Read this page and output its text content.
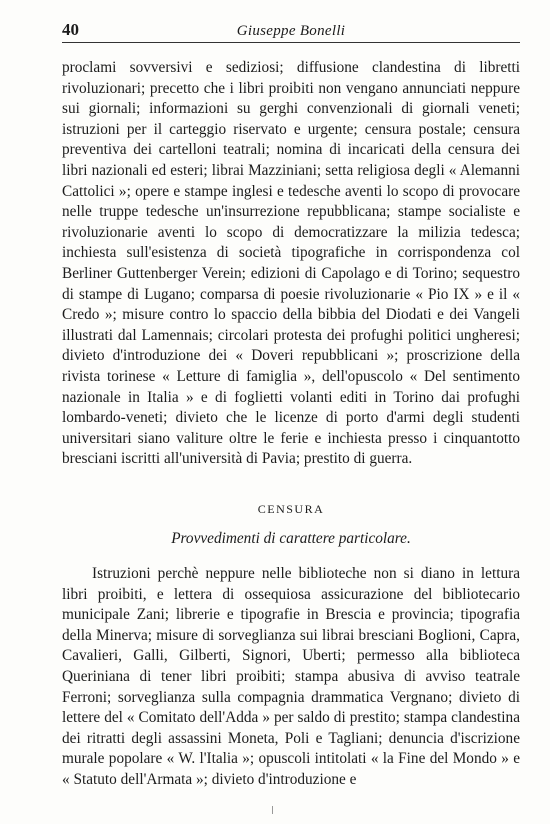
40	Giuseppe Bonelli

proclami sovversivi e sediziosi; diffusione clandestina di libretti rivoluzionari; precetto che i libri proibiti non vengano annunciati neppure sui giornali; informazioni su gerghi convenzionali di giornali veneti; istruzioni per il carteggio riservato e urgente; censura postale; censura preventiva dei cartelloni teatrali; nomina di incaricati della censura dei libri nazionali ed esteri; librai Mazziniani; setta religiosa degli « Alemanni Cattolici »; opere e stampe inglesi e tedesche aventi lo scopo di provocare nelle truppe tedesche un'insurrezione repubblicana; stampe socialiste e rivoluzionarie aventi lo scopo di democratizzare la milizia tedesca; inchiesta sull'esistenza di società tipografiche in corrispondenza col Berliner Guttenberger Verein; edizioni di Capolago e di Torino; sequestro di stampe di Lugano; comparsa di poesie rivoluzionarie « Pio IX » e il « Credo »; misure contro lo spaccio della bibbia del Diodati e dei Vangeli illustrati dal Lamennais; circolari protesta dei profughi politici ungheresi; divieto d'introduzione dei « Doveri repubblicani »; proscrizione della rivista torinese « Letture di famiglia », dell'opuscolo « Del sentimento nazionale in Italia » e di foglietti volanti editi in Torino dai profughi lombardo-veneti; divieto che le licenze di porto d'armi degli studenti universitari siano valiture oltre le ferie e inchiesta presso i cinquantotto bresciani iscritti all'università di Pavia; prestito di guerra.

CENSURA
Provvedimenti di carattere particolare.

Istruzioni perchè neppure nelle biblioteche non si diano in lettura libri proibiti, e lettera di ossequiosa assicurazione del bibliotecario municipale Zani; librerie e tipografie in Brescia e provincia; tipografia della Minerva; misure di sorveglianza sui librai bresciani Boglioni, Capra, Cavalieri, Galli, Gilberti, Signori, Uberti; permesso alla biblioteca Queriniana di tener libri proibiti; stampa abusiva di avviso teatrale Ferroni; sorveglianza sulla compagnia drammatica Vergnano; divieto di lettere del « Comitato dell'Adda » per saldo di prestito; stampa clandestina dei ritratti degli assassini Moneta, Poli e Tagliani; denuncia d'iscrizione murale popolare « W. l'Italia »; opuscoli intitolati « la Fine del Mondo » e « Statuto dell'Armata »; divieto d'introduzione e
